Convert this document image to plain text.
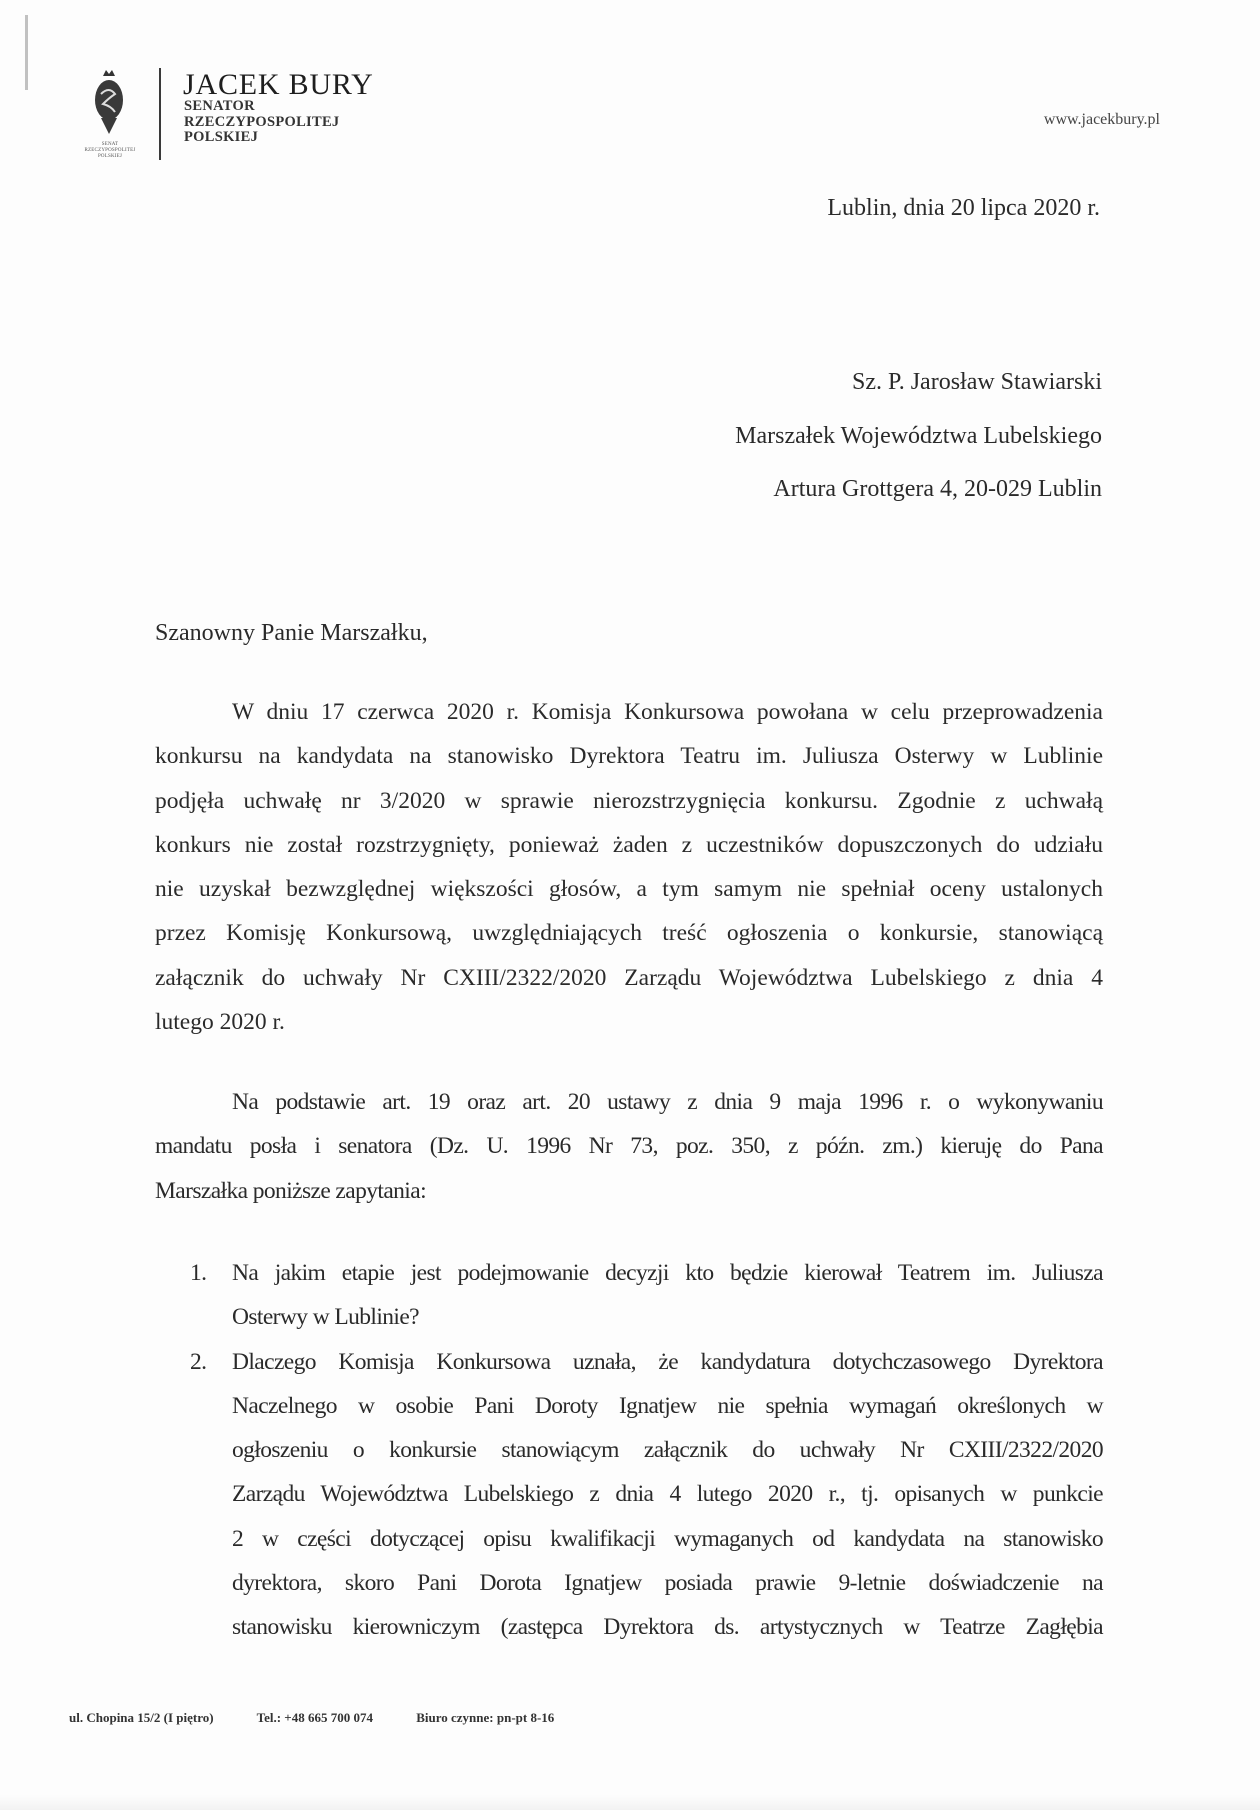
SENAT
RZECZYPOSPOLITEJ
POLSKIEJ
JACEK BURY
SENATOR
RZECZYPOSPOLITEJ
POLSKIEJ
www.jacekbury.pl
Lublin, dnia 20 lipca 2020 r.
Sz. P. Jarosław Stawiarski
Marszałek Województwa Lubelskiego
Artura Grottgera 4, 20-029 Lublin
Szanowny Panie Marszałku,
W dniu 17 czerwca 2020 r. Komisja Konkursowa powołana w celu przeprowadzenia
konkursu na kandydata na stanowisko Dyrektora Teatru im. Juliusza Osterwy w Lublinie
podjęła uchwałę nr 3/2020 w sprawie nierozstrzygnięcia konkursu. Zgodnie z uchwałą
konkurs nie został rozstrzygnięty, ponieważ żaden z uczestników dopuszczonych do udziału
nie uzyskał bezwzględnej większości głosów, a tym samym nie spełniał oceny ustalonych
przez Komisję Konkursową, uwzględniających treść ogłoszenia o konkursie, stanowiącą
załącznik do uchwały Nr CXIII/2322/2020 Zarządu Województwa Lubelskiego z dnia 4
lutego 2020 r.
Na podstawie art. 19 oraz art. 20 ustawy z dnia 9 maja 1996 r. o wykonywaniu
mandatu posła i senatora (Dz. U. 1996 Nr 73, poz. 350, z późn. zm.) kieruję do Pana
Marszałka poniższe zapytania:
1. Na jakim etapie jest podejmowanie decyzji kto będzie kierował Teatrem im. Juliusza
Osterwy w Lublinie?
2. Dlaczego Komisja Konkursowa uznała, że kandydatura dotychczasowego Dyrektora
Naczelnego w osobie Pani Doroty Ignatjew nie spełnia wymagań określonych w
ogłoszeniu o konkursie stanowiącym załącznik do uchwały Nr CXIII/2322/2020
Zarządu Województwa Lubelskiego z dnia 4 lutego 2020 r., tj. opisanych w punkcie
2 w części dotyczącej opisu kwalifikacji wymaganych od kandydata na stanowisko
dyrektora, skoro Pani Dorota Ignatjew posiada prawie 9-letnie doświadczenie na
stanowisku kierowniczym (zastępca Dyrektora ds. artystycznych w Teatrze Zagłębia
ul. Chopina 15/2 (I piętro)	Tel.: +48 665 700 074	Biuro czynne: pn-pt 8-16
